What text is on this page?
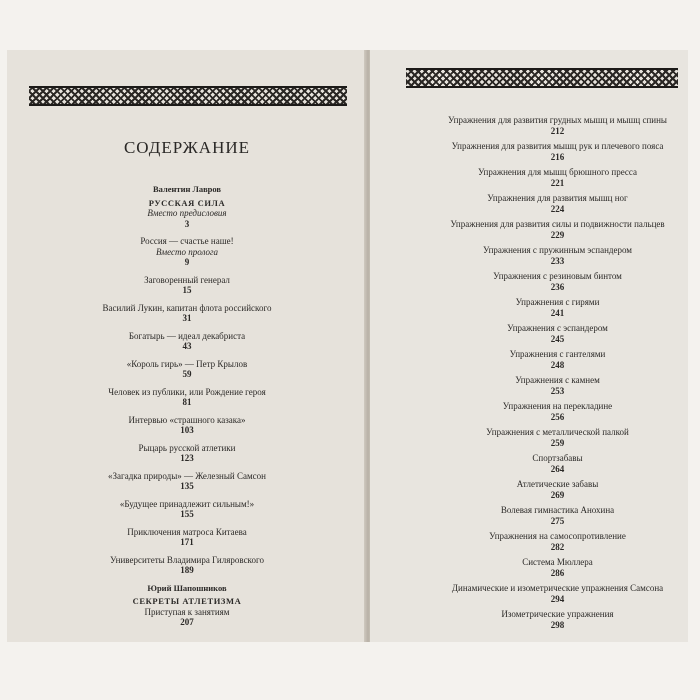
СОДЕРЖАНИЕ
Валентин Лавров
РУССКАЯ СИЛА
Вместо предисловия
3
Россия — счастье наше!
Вместо пролога
9
Заговоренный генерал
15
Василий Лукин, капитан флота российского
31
Богатырь — идеал декабриста
43
«Король гирь» — Петр Крылов
59
Человек из публики, или Рождение героя
81
Интервью «страшного казака»
103
Рыцарь русской атлетики
123
«Загадка природы» — Железный Самсон
135
«Будущее принадлежит сильным!»
155
Приключения матроса Китаева
171
Университеты Владимира Гиляровского
189
Юрий Шапошников
СЕКРЕТЫ АТЛЕТИЗМА
Приступая к занятиям
207
Упражнения для развития грудных мышц и мышц спины
212
Упражнения для развития мышц рук и плечевого пояса
216
Упражнения для мышц брюшного пресса
221
Упражнения для развития мышц ног
224
Упражнения для развития силы и подвижности пальцев
229
Упражнения с пружинным эспандером
233
Упражнения с резиновым бинтом
236
Упражнения с гирями
241
Упражнения с эспандером
245
Упражнения с гантелями
248
Упражнения с камнем
253
Упражнения на перекладине
256
Упражнения с металлической палкой
259
Спортзабавы
264
Атлетические забавы
269
Волевая гимнастика Анохина
275
Упражнения на самосопротивление
282
Система Мюллера
286
Динамические и изометрические упражнения Самсона
294
Изометрические упражнения
298
